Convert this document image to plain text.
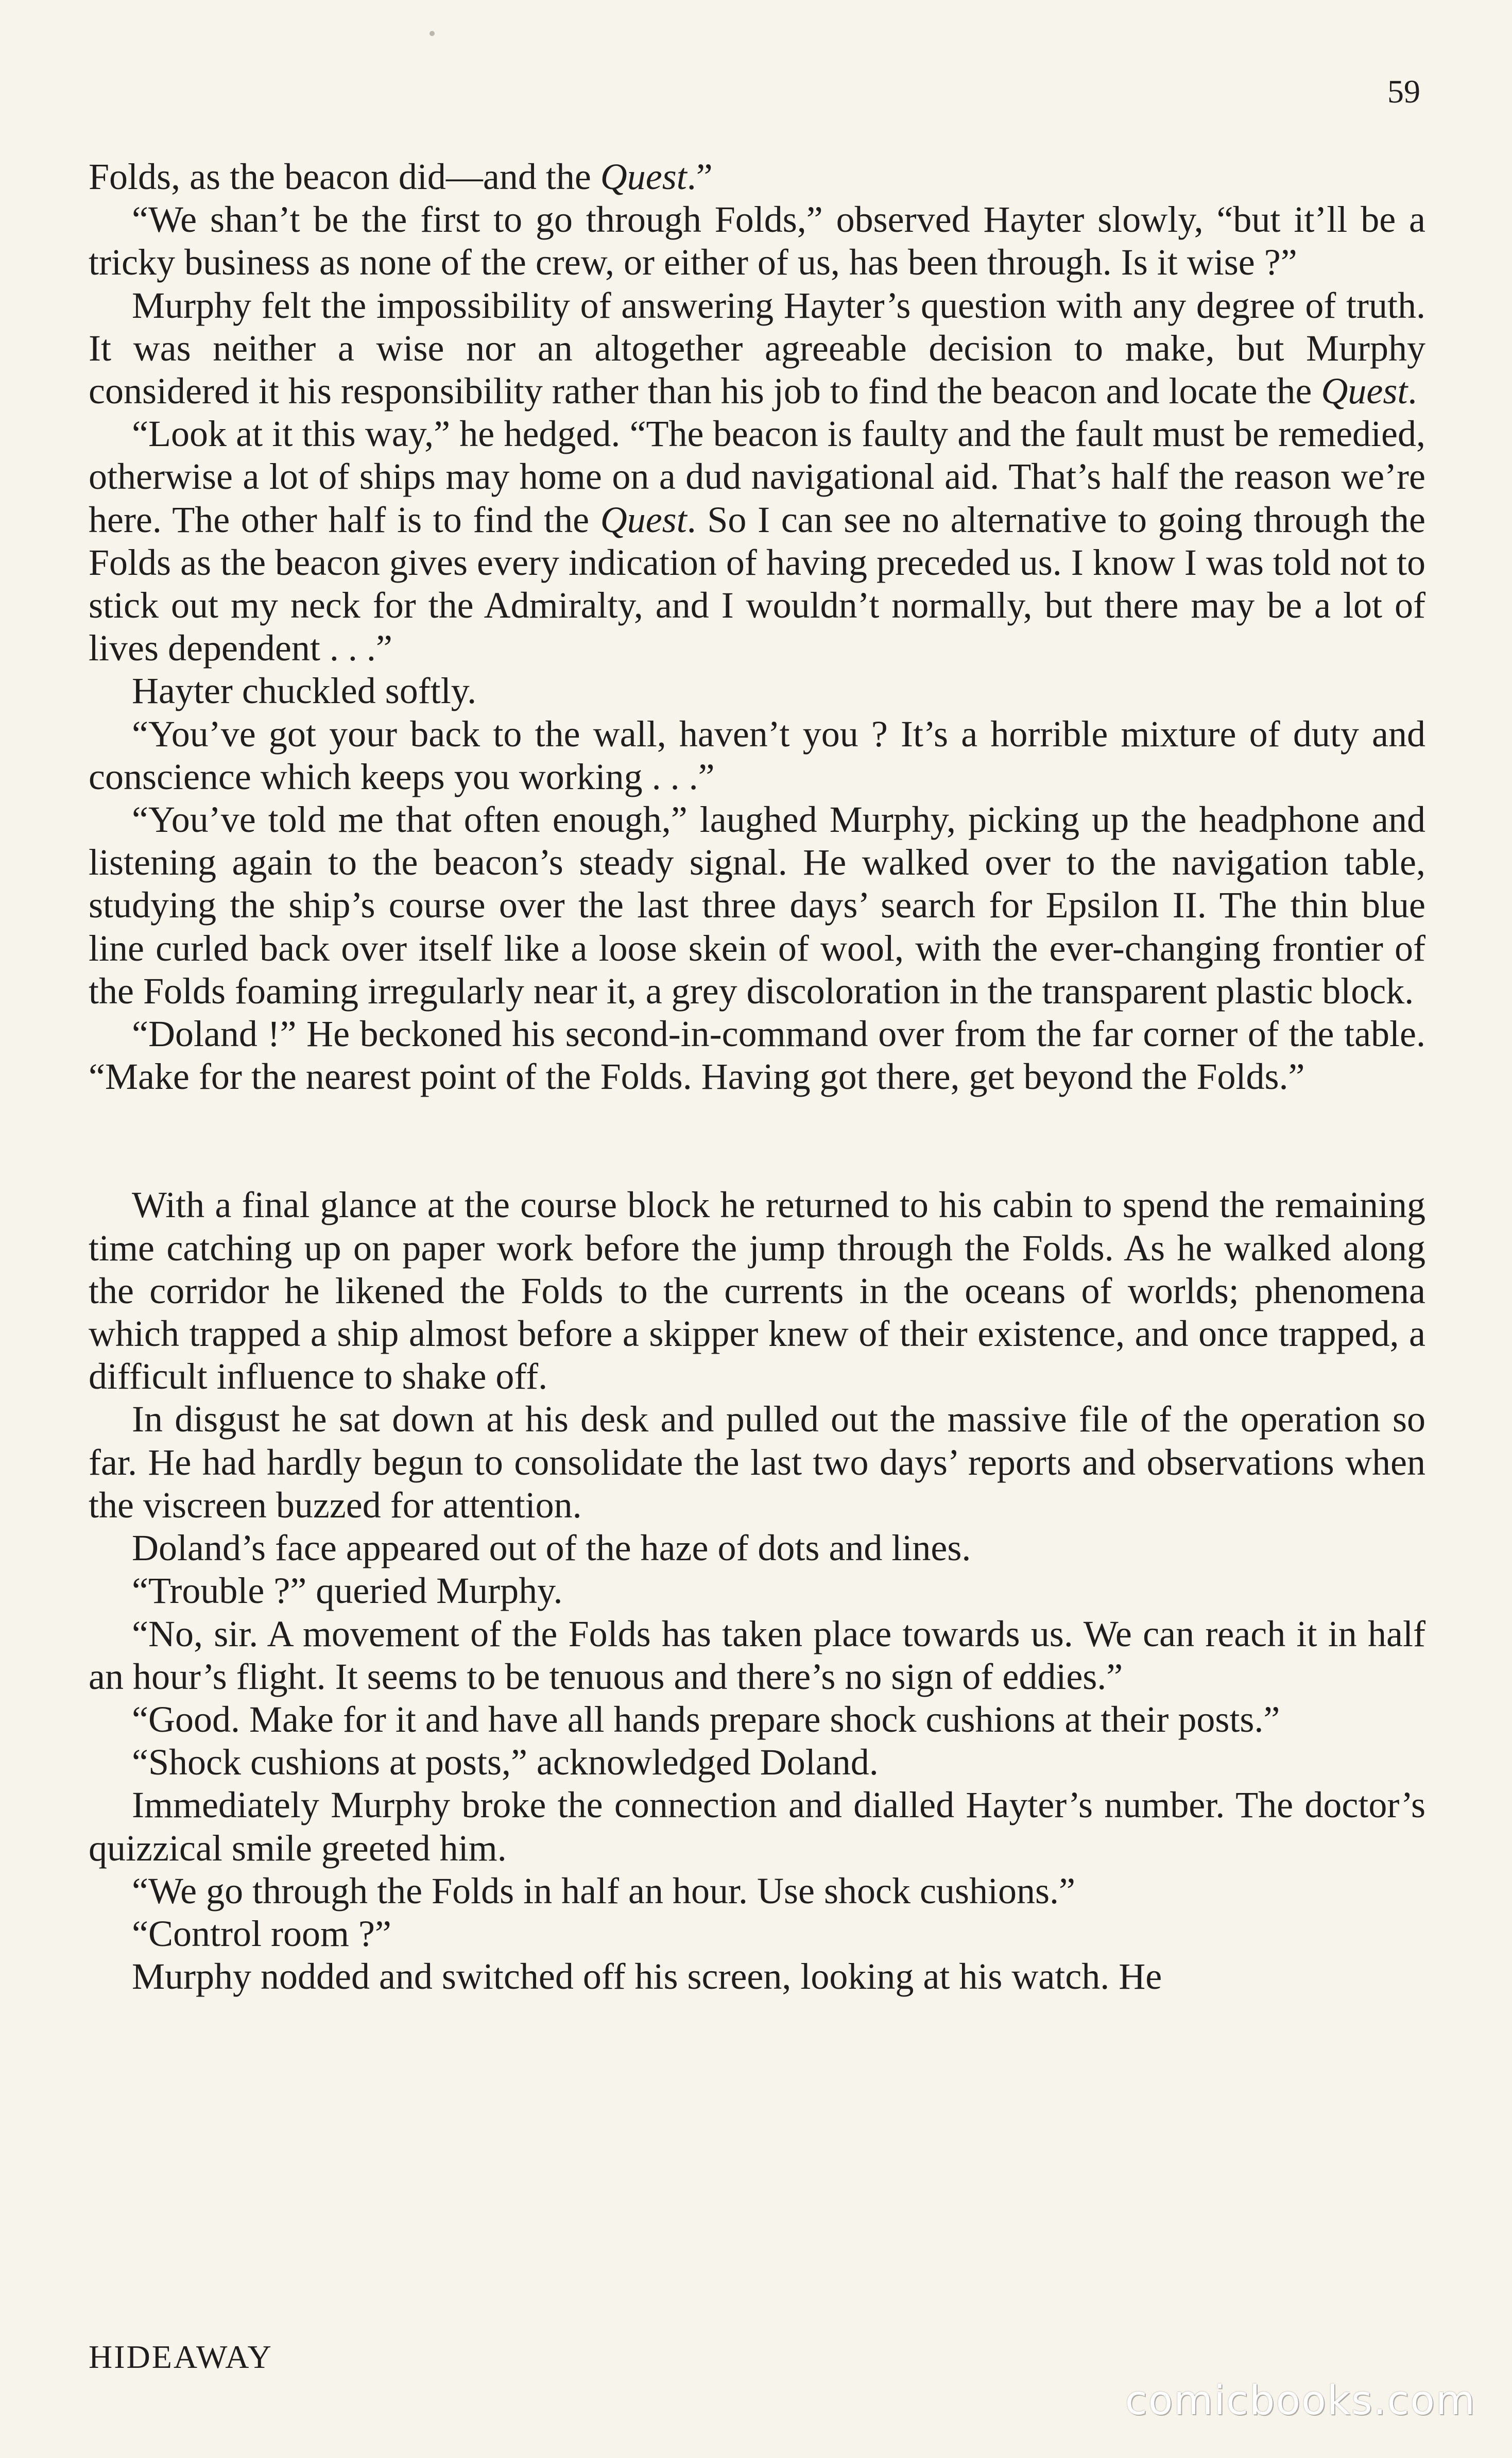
59

Folds, as the beacon did—and the Quest.”

“We shan’t be the first to go through Folds,” observed Hayter slowly, “but it’ll be a tricky business as none of the crew, or either of us, has been through. Is it wise ?”

Murphy felt the impossibility of answering Hayter’s question with any degree of truth. It was neither a wise nor an altogether agreeable decision to make, but Murphy considered it his responsibility rather than his job to find the beacon and locate the Quest.

“Look at it this way,” he hedged. “The beacon is faulty and the fault must be remedied, otherwise a lot of ships may home on a dud navigational aid. That’s half the reason we’re here. The other half is to find the Quest. So I can see no alternative to going through the Folds as the beacon gives every indication of having preceded us. I know I was told not to stick out my neck for the Admiralty, and I wouldn’t normally, but there may be a lot of lives dependent . . .”

Hayter chuckled softly.

“You’ve got your back to the wall, haven’t you ? It’s a horrible mixture of duty and conscience which keeps you working . . .”

“You’ve told me that often enough,” laughed Murphy, picking up the headphone and listening again to the beacon’s steady signal. He walked over to the navigation table, studying the ship’s course over the last three days’ search for Epsilon II. The thin blue line curled back over itself like a loose skein of wool, with the ever-changing frontier of the Folds foaming irregularly near it, a grey discoloration in the transparent plastic block.

“Doland !” He beckoned his second-in-command over from the far corner of the table. “Make for the nearest point of the Folds. Having got there, get beyond the Folds.”

With a final glance at the course block he returned to his cabin to spend the remaining time catching up on paper work before the jump through the Folds. As he walked along the corridor he likened the Folds to the currents in the oceans of worlds; phenomena which trapped a ship almost before a skipper knew of their existence, and once trapped, a difficult influence to shake off.

In disgust he sat down at his desk and pulled out the massive file of the operation so far. He had hardly begun to consolidate the last two days’ reports and observations when the viscreen buzzed for attention.

Doland’s face appeared out of the haze of dots and lines.

“Trouble ?” queried Murphy.

“No, sir. A movement of the Folds has taken place towards us. We can reach it in half an hour’s flight. It seems to be tenuous and there’s no sign of eddies.”

“Good. Make for it and have all hands prepare shock cushions at their posts.”

“Shock cushions at posts,” acknowledged Doland.

Immediately Murphy broke the connection and dialled Hayter’s number. The doctor’s quizzical smile greeted him.

“We go through the Folds in half an hour. Use shock cushions.”

“Control room ?”

Murphy nodded and switched off his screen, looking at his watch. He

HIDEAWAY
comicbooks.com
